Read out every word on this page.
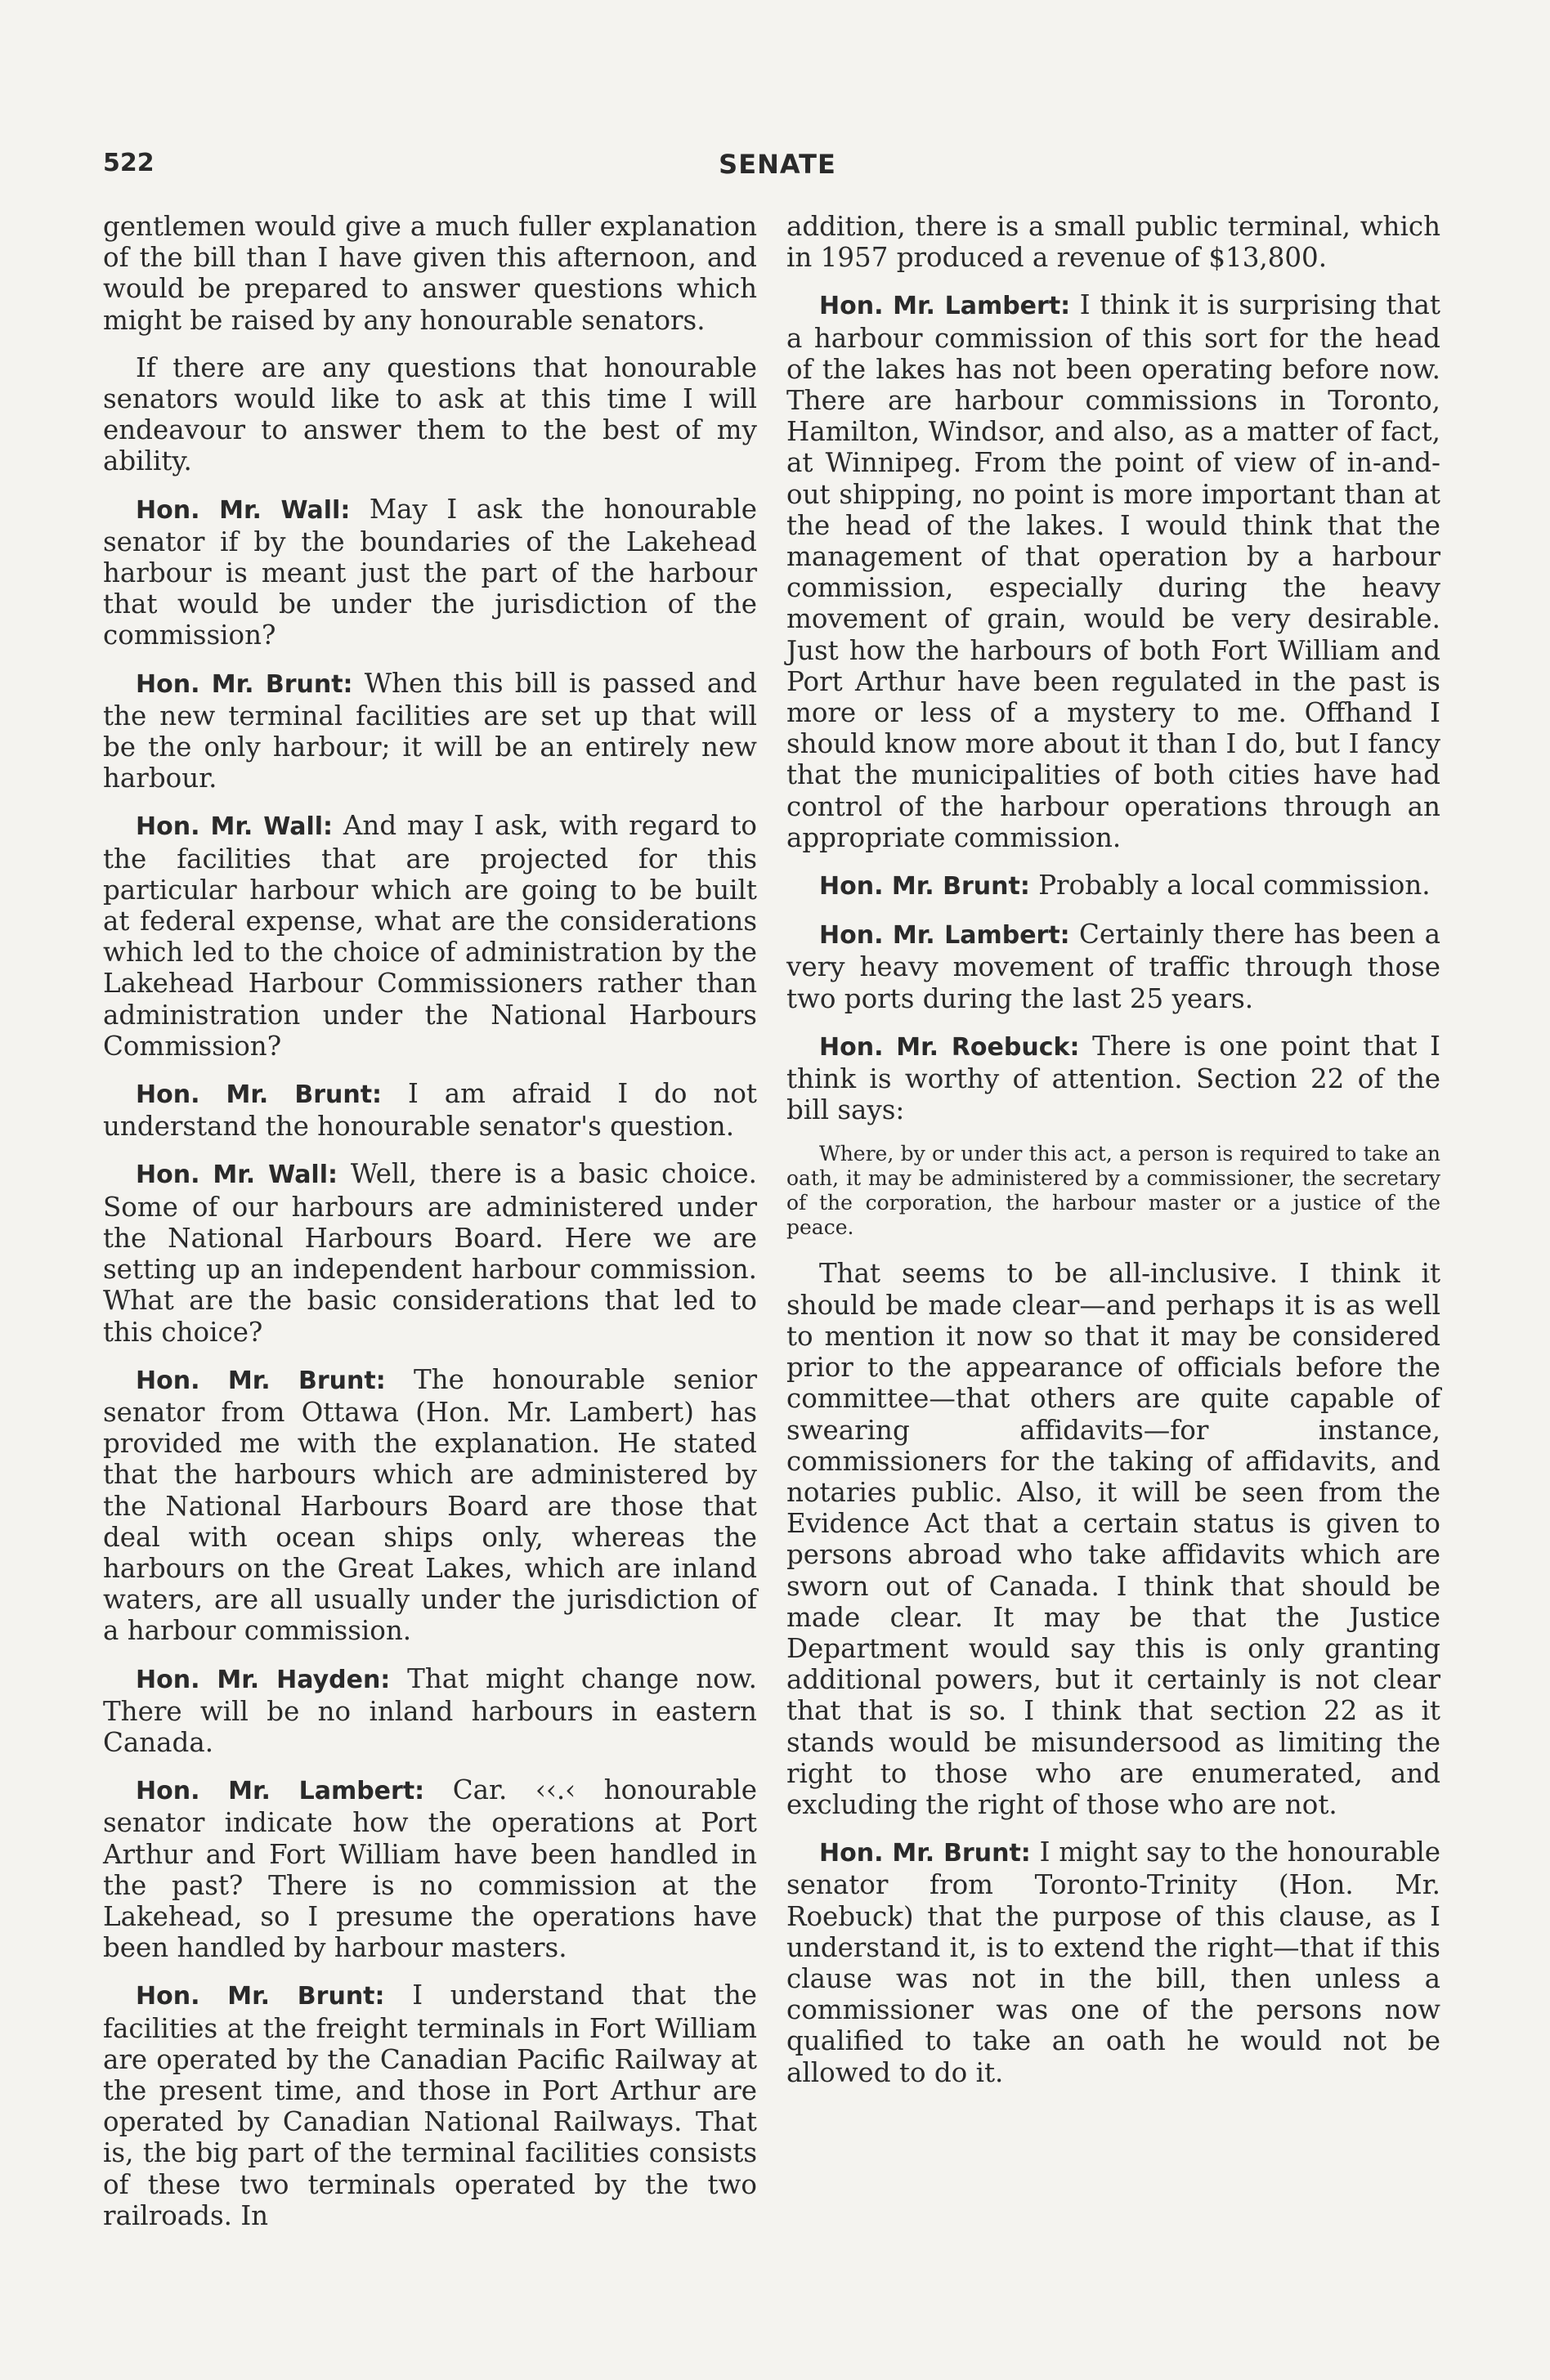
522	SENATE

gentlemen would give a much fuller explanation of the bill than I have given this afternoon, and would be prepared to answer questions which might be raised by any honourable senators.

If there are any questions that honourable senators would like to ask at this time I will endeavour to answer them to the best of my ability.

Hon. Mr. Wall: May I ask the honourable senator if by the boundaries of the Lakehead harbour is meant just the part of the harbour that would be under the jurisdiction of the commission?

Hon. Mr. Brunt: When this bill is passed and the new terminal facilities are set up that will be the only harbour; it will be an entirely new harbour.

Hon. Mr. Wall: And may I ask, with regard to the facilities that are projected for this particular harbour which are going to be built at federal expense, what are the considerations which led to the choice of administration by the Lakehead Harbour Commissioners rather than administration under the National Harbours Commission?

Hon. Mr. Brunt: I am afraid I do not understand the honourable senator's question.

Hon. Mr. Wall: Well, there is a basic choice. Some of our harbours are administered under the National Harbours Board. Here we are setting up an independent harbour commission. What are the basic considerations that led to this choice?

Hon. Mr. Brunt: The honourable senior senator from Ottawa (Hon. Mr. Lambert) has provided me with the explanation. He stated that the harbours which are administered by the National Harbours Board are those that deal with ocean ships only, whereas the harbours on the Great Lakes, which are inland waters, are all usually under the jurisdiction of a harbour commission.

Hon. Mr. Hayden: That might change now. There will be no inland harbours in eastern Canada.

Hon. Mr. Lambert: Car. ‹‹.‹ honourable senator indicate how the operations at Port Arthur and Fort William have been handled in the past? There is no commission at the Lakehead, so I presume the operations have been handled by harbour masters.

Hon. Mr. Brunt: I understand that the facilities at the freight terminals in Fort William are operated by the Canadian Pacific Railway at the present time, and those in Port Arthur are operated by Canadian National Railways. That is, the big part of the terminal facilities consists of these two terminals operated by the two railroads. In

addition, there is a small public terminal, which in 1957 produced a revenue of $13,800.

Hon. Mr. Lambert: I think it is surprising that a harbour commission of this sort for the head of the lakes has not been operating before now. There are harbour commissions in Toronto, Hamilton, Windsor, and also, as a matter of fact, at Winnipeg. From the point of view of in-and-out shipping, no point is more important than at the head of the lakes. I would think that the management of that operation by a harbour commission, especially during the heavy movement of grain, would be very desirable. Just how the harbours of both Fort William and Port Arthur have been regulated in the past is more or less of a mystery to me. Offhand I should know more about it than I do, but I fancy that the municipalities of both cities have had control of the harbour operations through an appropriate commission.

Hon. Mr. Brunt: Probably a local commission.

Hon. Mr. Lambert: Certainly there has been a very heavy movement of traffic through those two ports during the last 25 years.

Hon. Mr. Roebuck: There is one point that I think is worthy of attention. Section 22 of the bill says:

Where, by or under this act, a person is required to take an oath, it may be administered by a commissioner, the secretary of the corporation, the harbour master or a justice of the peace.

That seems to be all-inclusive. I think it should be made clear—and perhaps it is as well to mention it now so that it may be considered prior to the appearance of officials before the committee—that others are quite capable of swearing affidavits—for instance, commissioners for the taking of affidavits, and notaries public. Also, it will be seen from the Evidence Act that a certain status is given to persons abroad who take affidavits which are sworn out of Canada. I think that should be made clear. It may be that the Justice Department would say this is only granting additional powers, but it certainly is not clear that that is so. I think that section 22 as it stands would be misundersood as limiting the right to those who are enumerated, and excluding the right of those who are not.

Hon. Mr. Brunt: I might say to the honourable senator from Toronto-Trinity (Hon. Mr. Roebuck) that the purpose of this clause, as I understand it, is to extend the right—that if this clause was not in the bill, then unless a commissioner was one of the persons now qualified to take an oath he would not be allowed to do it.
